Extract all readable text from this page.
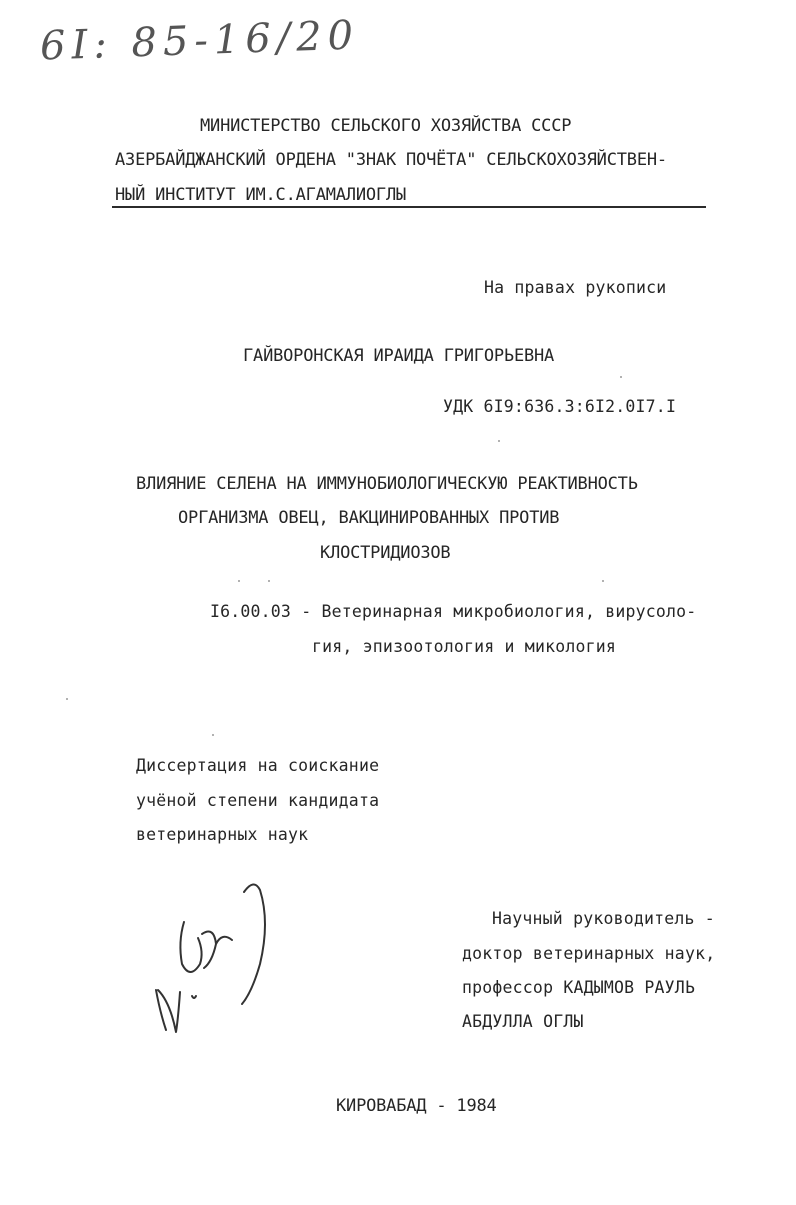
6I: 85-16/20
МИНИСТЕРСТВО СЕЛЬСКОГО ХОЗЯЙСТВА СССР
АЗЕРБАЙДЖАНСКИЙ ОРДЕНА "ЗНАК ПОЧЁТА" СЕЛЬСКОХОЗЯЙСТВЕН-
НЫЙ ИНСТИТУТ ИМ.С.АГАМАЛИОГЛЫ
На правах рукописи
ГАЙВОРОНСКАЯ ИРАИДА ГРИГОРЬЕВНА
УДК 6I9:636.3:6I2.0I7.I
ВЛИЯНИЕ СЕЛЕНА НА ИММУНОБИОЛОГИЧЕСКУЮ РЕАКТИВНОСТЬ
ОРГАНИЗМА ОВЕЦ, ВАКЦИНИРОВАННЫХ ПРОТИВ
КЛОСТРИДИОЗОВ
I6.00.03 - Ветеринарная микробиология, вирусоло-
гия, эпизоотология и микология
Диссертация на соискание
учёной степени кандидата
ветеринарных наук
Научный руководитель -
доктор ветеринарных наук,
профессор КАДЫМОВ РАУЛЬ
АБДУЛЛА ОГЛЫ
КИРОВАБАД - 1984
